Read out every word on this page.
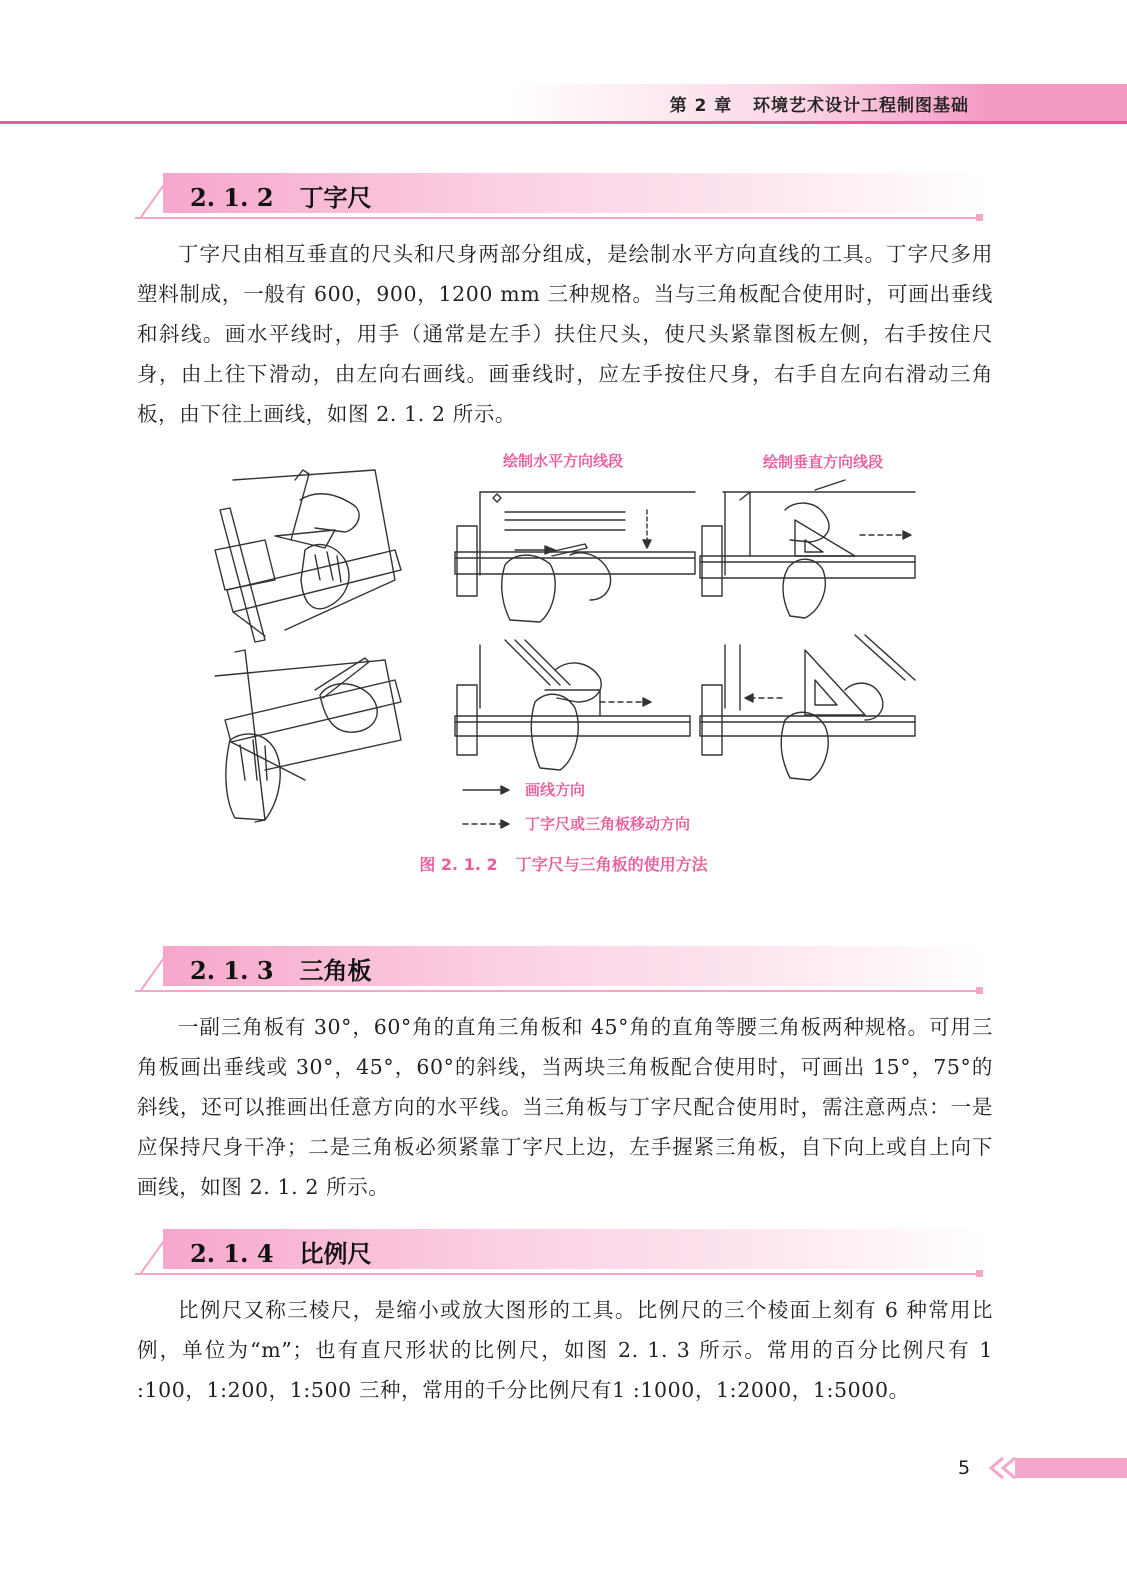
第 2 章 环境艺术设计工程制图基础
2. 1. 2 丁字尺

丁字尺由相互垂直的尺头和尺身两部分组成，是绘制水平方向直线的工具。丁字尺多用塑料制成，一般有 600，900，1200 mm 三种规格。当与三角板配合使用时，可画出垂线和斜线。画水平线时，用手（通常是左手）扶住尺头，使尺头紧靠图板左侧，右手按住尺身，由上往下滑动，由左向右画线。画垂线时，应左手按住尺身，右手自左向右滑动三角板，由下往上画线，如图 2. 1. 2 所示。

绘制水平方向线段	绘制垂直方向线段
画线方向
丁字尺或三角板移动方向
图 2. 1. 2 丁字尺与三角板的使用方法
2. 1. 3 三角板

一副三角板有 30°，60°角的直角三角板和 45°角的直角等腰三角板两种规格。可用三角板画出垂线或 30°，45°，60°的斜线，当两块三角板配合使用时，可画出 15°，75°的斜线，还可以推画出任意方向的水平线。当三角板与丁字尺配合使用时，需注意两点：一是应保持尺身干净；二是三角板必须紧靠丁字尺上边，左手握紧三角板，自下向上或自上向下画线，如图 2. 1. 2 所示。

2. 1. 4 比例尺

比例尺又称三棱尺，是缩小或放大图形的工具。比例尺的三个棱面上刻有 6 种常用比例，单位为“m”；也有直尺形状的比例尺，如图 2. 1. 3 所示。常用的百分比例尺有 1 :100，1:200，1:500 三种，常用的千分比例尺有1 :1000，1:2000，1:5000。

5
